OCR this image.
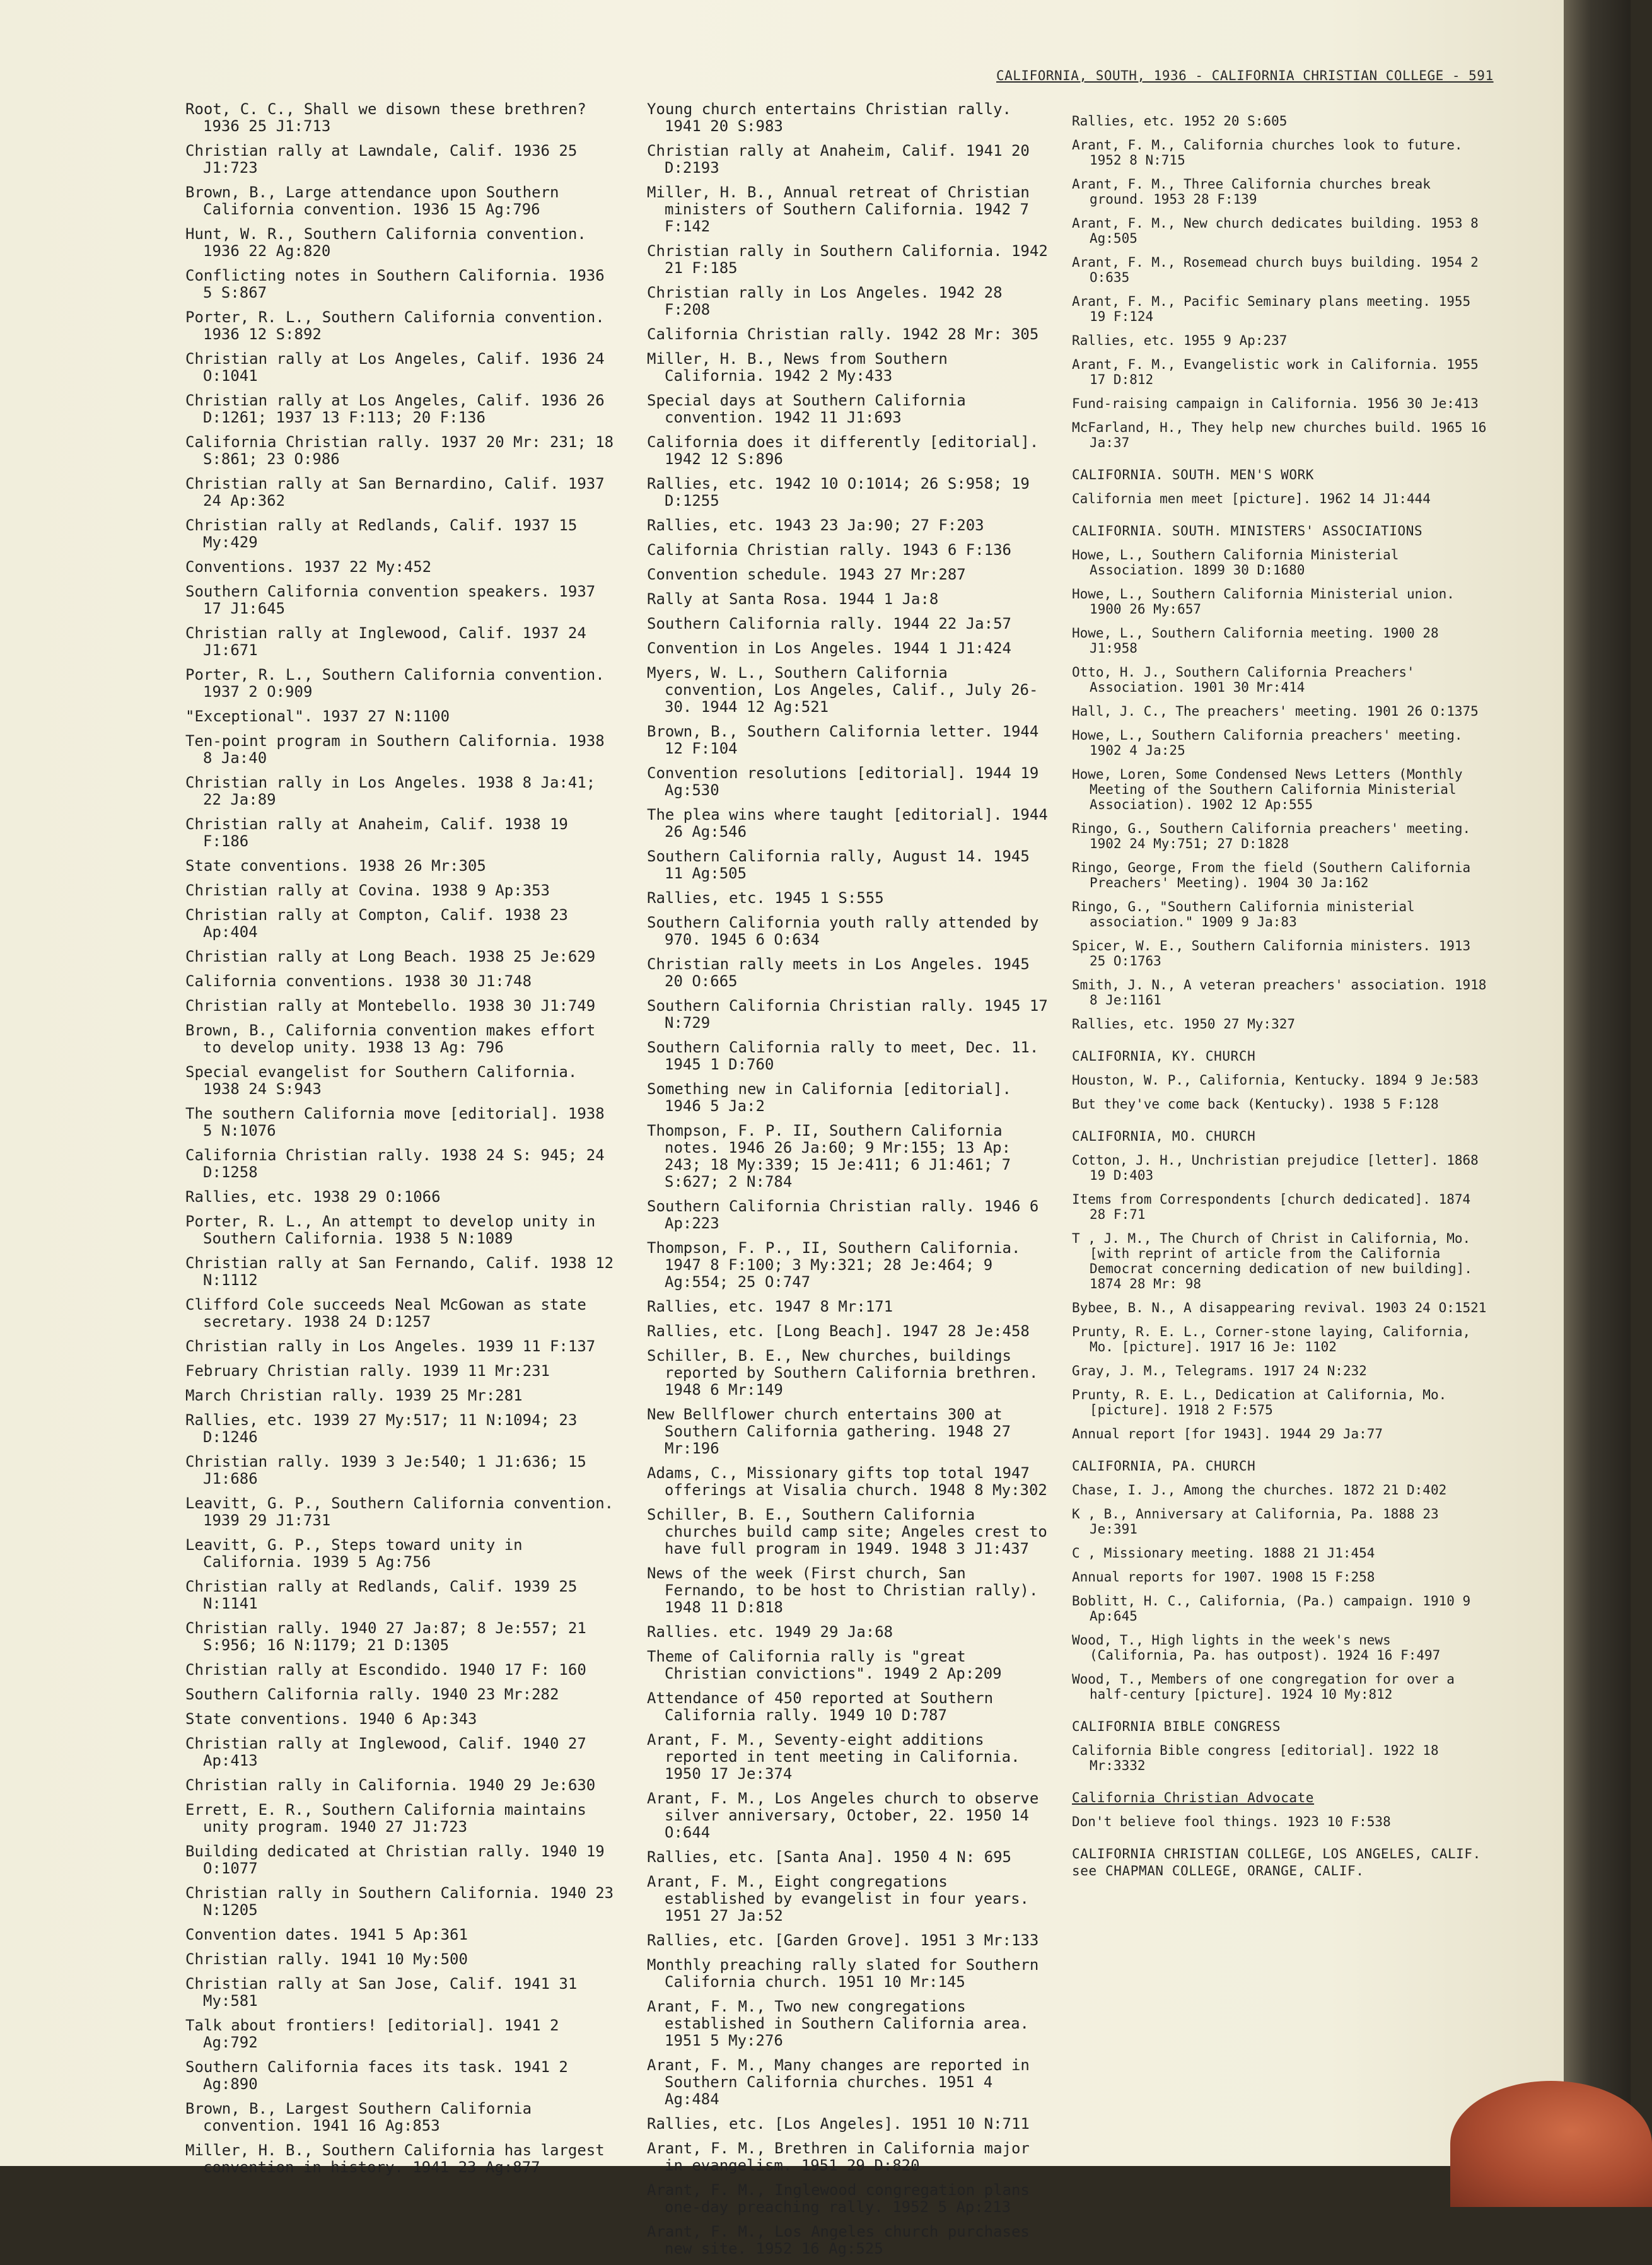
CALIFORNIA, SOUTH, 1936 - CALIFORNIA CHRISTIAN COLLEGE - 591
Root, C. C., Shall we disown these brethren? 1936 25 J1:713
Christian rally at Lawndale, Calif. 1936 25 J1:723
Brown, B., Large attendance upon Southern California convention. 1936 15 Ag:796
Hunt, W. R., Southern California convention. 1936 22 Ag:820
Conflicting notes in Southern California. 1936 5 S:867
Porter, R. L., Southern California convention. 1936 12 S:892
Christian rally at Los Angeles, Calif. 1936 24 O:1041
Christian rally at Los Angeles, Calif. 1936 26 D:1261; 1937 13 F:113; 20 F:136
California Christian rally. 1937 20 Mr: 231; 18 S:861; 23 O:986
Christian rally at San Bernardino, Calif. 1937 24 Ap:362
Christian rally at Redlands, Calif. 1937 15 My:429
Conventions. 1937 22 My:452
Southern California convention speakers. 1937 17 J1:645
Christian rally at Inglewood, Calif. 1937 24 J1:671
Porter, R. L., Southern California convention. 1937 2 O:909
"Exceptional". 1937 27 N:1100
Ten-point program in Southern California. 1938 8 Ja:40
Christian rally in Los Angeles. 1938 8 Ja:41; 22 Ja:89
Christian rally at Anaheim, Calif. 1938 19 F:186
State conventions. 1938 26 Mr:305
Christian rally at Covina. 1938 9 Ap:353
Christian rally at Compton, Calif. 1938 23 Ap:404
Christian rally at Long Beach. 1938 25 Je:629
California conventions. 1938 30 J1:748
Christian rally at Montebello. 1938 30 J1:749
Brown, B., California convention makes effort to develop unity. 1938 13 Ag: 796
Special evangelist for Southern California. 1938 24 S:943
The southern California move [editorial]. 1938 5 N:1076
California Christian rally. 1938 24 S: 945; 24 D:1258
Rallies, etc. 1938 29 O:1066
Porter, R. L., An attempt to develop unity in Southern California. 1938 5 N:1089
Christian rally at San Fernando, Calif. 1938 12 N:1112
Clifford Cole succeeds Neal McGowan as state secretary. 1938 24 D:1257
Christian rally in Los Angeles. 1939 11 F:137
February Christian rally. 1939 11 Mr:231
March Christian rally. 1939 25 Mr:281
Rallies, etc. 1939 27 My:517; 11 N:1094; 23 D:1246
Christian rally. 1939 3 Je:540; 1 J1:636; 15 J1:686
Leavitt, G. P., Southern California convention. 1939 29 J1:731
Leavitt, G. P., Steps toward unity in California. 1939 5 Ag:756
Christian rally at Redlands, Calif. 1939 25 N:1141
Christian rally. 1940 27 Ja:87; 8 Je:557; 21 S:956; 16 N:1179; 21 D:1305
Christian rally at Escondido. 1940 17 F: 160
Southern California rally. 1940 23 Mr:282
State conventions. 1940 6 Ap:343
Christian rally at Inglewood, Calif. 1940 27 Ap:413
Christian rally in California. 1940 29 Je:630
Errett, E. R., Southern California maintains unity program. 1940 27 J1:723
Building dedicated at Christian rally. 1940 19 O:1077
Christian rally in Southern California. 1940 23 N:1205
Convention dates. 1941 5 Ap:361
Christian rally. 1941 10 My:500
Christian rally at San Jose, Calif. 1941 31 My:581
Talk about frontiers! [editorial]. 1941 2 Ag:792
Southern California faces its task. 1941 2 Ag:890
Brown, B., Largest Southern California convention. 1941 16 Ag:853
Miller, H. B., Southern California has largest convention in history. 1941 23 Ag:877
Young church entertains Christian rally. 1941 20 S:983
Christian rally at Anaheim, Calif. 1941 20 D:2193
Miller, H. B., Annual retreat of Christian ministers of Southern California. 1942 7 F:142
Christian rally in Southern California. 1942 21 F:185
Christian rally in Los Angeles. 1942 28 F:208
California Christian rally. 1942 28 Mr: 305
Miller, H. B., News from Southern California. 1942 2 My:433
Special days at Southern California convention. 1942 11 J1:693
California does it differently [editorial]. 1942 12 S:896
Rallies, etc. 1942 10 O:1014; 26 S:958; 19 D:1255
Rallies, etc. 1943 23 Ja:90; 27 F:203
California Christian rally. 1943 6 F:136
Convention schedule. 1943 27 Mr:287
Rally at Santa Rosa. 1944 1 Ja:8
Southern California rally. 1944 22 Ja:57
Convention in Los Angeles. 1944 1 J1:424
Myers, W. L., Southern California convention, Los Angeles, Calif., July 26-30. 1944 12 Ag:521
Brown, B., Southern California letter. 1944 12 F:104
Convention resolutions [editorial]. 1944 19 Ag:530
The plea wins where taught [editorial]. 1944 26 Ag:546
Southern California rally, August 14. 1945 11 Ag:505
Rallies, etc. 1945 1 S:555
Southern California youth rally attended by 970. 1945 6 O:634
Christian rally meets in Los Angeles. 1945 20 O:665
Southern California Christian rally. 1945 17 N:729
Southern California rally to meet, Dec. 11. 1945 1 D:760
Something new in California [editorial]. 1946 5 Ja:2
Thompson, F. P. II, Southern California notes. 1946 26 Ja:60; 9 Mr:155; 13 Ap: 243; 18 My:339; 15 Je:411; 6 J1:461; 7 S:627; 2 N:784
Southern California Christian rally. 1946 6 Ap:223
Thompson, F. P., II, Southern California. 1947 8 F:100; 3 My:321; 28 Je:464; 9 Ag:554; 25 O:747
Rallies, etc. 1947 8 Mr:171
Rallies, etc. [Long Beach]. 1947 28 Je:458
Schiller, B. E., New churches, buildings reported by Southern California brethren. 1948 6 Mr:149
New Bellflower church entertains 300 at Southern California gathering. 1948 27 Mr:196
Adams, C., Missionary gifts top total 1947 offerings at Visalia church. 1948 8 My:302
Schiller, B. E., Southern California churches build camp site; Angeles crest to have full program in 1949. 1948 3 J1:437
News of the week (First church, San Fernando, to be host to Christian rally). 1948 11 D:818
Rallies. etc. 1949 29 Ja:68
Theme of California rally is "great Christian convictions". 1949 2 Ap:209
Attendance of 450 reported at Southern California rally. 1949 10 D:787
Arant, F. M., Seventy-eight additions reported in tent meeting in California. 1950 17 Je:374
Arant, F. M., Los Angeles church to observe silver anniversary, October, 22. 1950 14 O:644
Rallies, etc. [Santa Ana]. 1950 4 N: 695
Arant, F. M., Eight congregations established by evangelist in four years. 1951 27 Ja:52
Rallies, etc. [Garden Grove]. 1951 3 Mr:133
Monthly preaching rally slated for Southern California church. 1951 10 Mr:145
Arant, F. M., Two new congregations established in Southern California area. 1951 5 My:276
Arant, F. M., Many changes are reported in Southern California churches. 1951 4 Ag:484
Rallies, etc. [Los Angeles]. 1951 10 N:711
Arant, F. M., Brethren in California major in evangelism. 1951 29 D:820
Arant, F. M., Inglewood congregation plans one-day preaching rally. 1952 5 Ap:213
Arant, F. M., Los Angeles church purchases new site. 1952 16 Ag:525
Rallies, etc. 1952 20 S:605
Arant, F. M., California churches look to future. 1952 8 N:715
Arant, F. M., Three California churches break ground. 1953 28 F:139
Arant, F. M., New church dedicates building. 1953 8 Ag:505
Arant, F. M., Rosemead church buys building. 1954 2 O:635
Arant, F. M., Pacific Seminary plans meeting. 1955 19 F:124
Rallies, etc. 1955 9 Ap:237
Arant, F. M., Evangelistic work in California. 1955 17 D:812
Fund-raising campaign in California. 1956 30 Je:413
McFarland, H., They help new churches build. 1965 16 Ja:37
CALIFORNIA. SOUTH. MEN'S WORK
California men meet [picture]. 1962 14 J1:444
CALIFORNIA. SOUTH. MINISTERS' ASSOCIATIONS
Howe, L., Southern California Ministerial Association. 1899 30 D:1680
Howe, L., Southern California Ministerial union. 1900 26 My:657
Howe, L., Southern California meeting. 1900 28 J1:958
Otto, H. J., Southern California Preachers' Association. 1901 30 Mr:414
Hall, J. C., The preachers' meeting. 1901 26 O:1375
Howe, L., Southern California preachers' meeting. 1902 4 Ja:25
Howe, Loren, Some Condensed News Letters (Monthly Meeting of the Southern California Ministerial Association). 1902 12 Ap:555
Ringo, G., Southern California preachers' meeting. 1902 24 My:751; 27 D:1828
Ringo, George, From the field (Southern California Preachers' Meeting). 1904 30 Ja:162
Ringo, G., "Southern California ministerial association." 1909 9 Ja:83
Spicer, W. E., Southern California ministers. 1913 25 O:1763
Smith, J. N., A veteran preachers' association. 1918 8 Je:1161
Rallies, etc. 1950 27 My:327
CALIFORNIA, KY. CHURCH
Houston, W. P., California, Kentucky. 1894 9 Je:583
But they've come back (Kentucky). 1938 5 F:128
CALIFORNIA, MO. CHURCH
Cotton, J. H., Unchristian prejudice [letter]. 1868 19 D:403
Items from Correspondents [church dedicated]. 1874 28 F:71
T , J. M., The Church of Christ in California, Mo. [with reprint of article from the California Democrat concerning dedication of new building]. 1874 28 Mr: 98
Bybee, B. N., A disappearing revival. 1903 24 O:1521
Prunty, R. E. L., Corner-stone laying, California, Mo. [picture]. 1917 16 Je: 1102
Gray, J. M., Telegrams. 1917 24 N:232
Prunty, R. E. L., Dedication at California, Mo. [picture]. 1918 2 F:575
Annual report [for 1943]. 1944 29 Ja:77
CALIFORNIA, PA. CHURCH
Chase, I. J., Among the churches. 1872 21 D:402
K , B., Anniversary at California, Pa. 1888 23 Je:391
C , Missionary meeting. 1888 21 J1:454
Annual reports for 1907. 1908 15 F:258
Boblitt, H. C., California, (Pa.) campaign. 1910 9 Ap:645
Wood, T., High lights in the week's news (California, Pa. has outpost). 1924 16 F:497
Wood, T., Members of one congregation for over a half-century [picture]. 1924 10 My:812
CALIFORNIA BIBLE CONGRESS
California Bible congress [editorial]. 1922 18 Mr:3332
California Christian Advocate
Don't believe fool things. 1923 10 F:538
CALIFORNIA CHRISTIAN COLLEGE, LOS ANGELES, CALIF. see CHAPMAN COLLEGE, ORANGE, CALIF.
